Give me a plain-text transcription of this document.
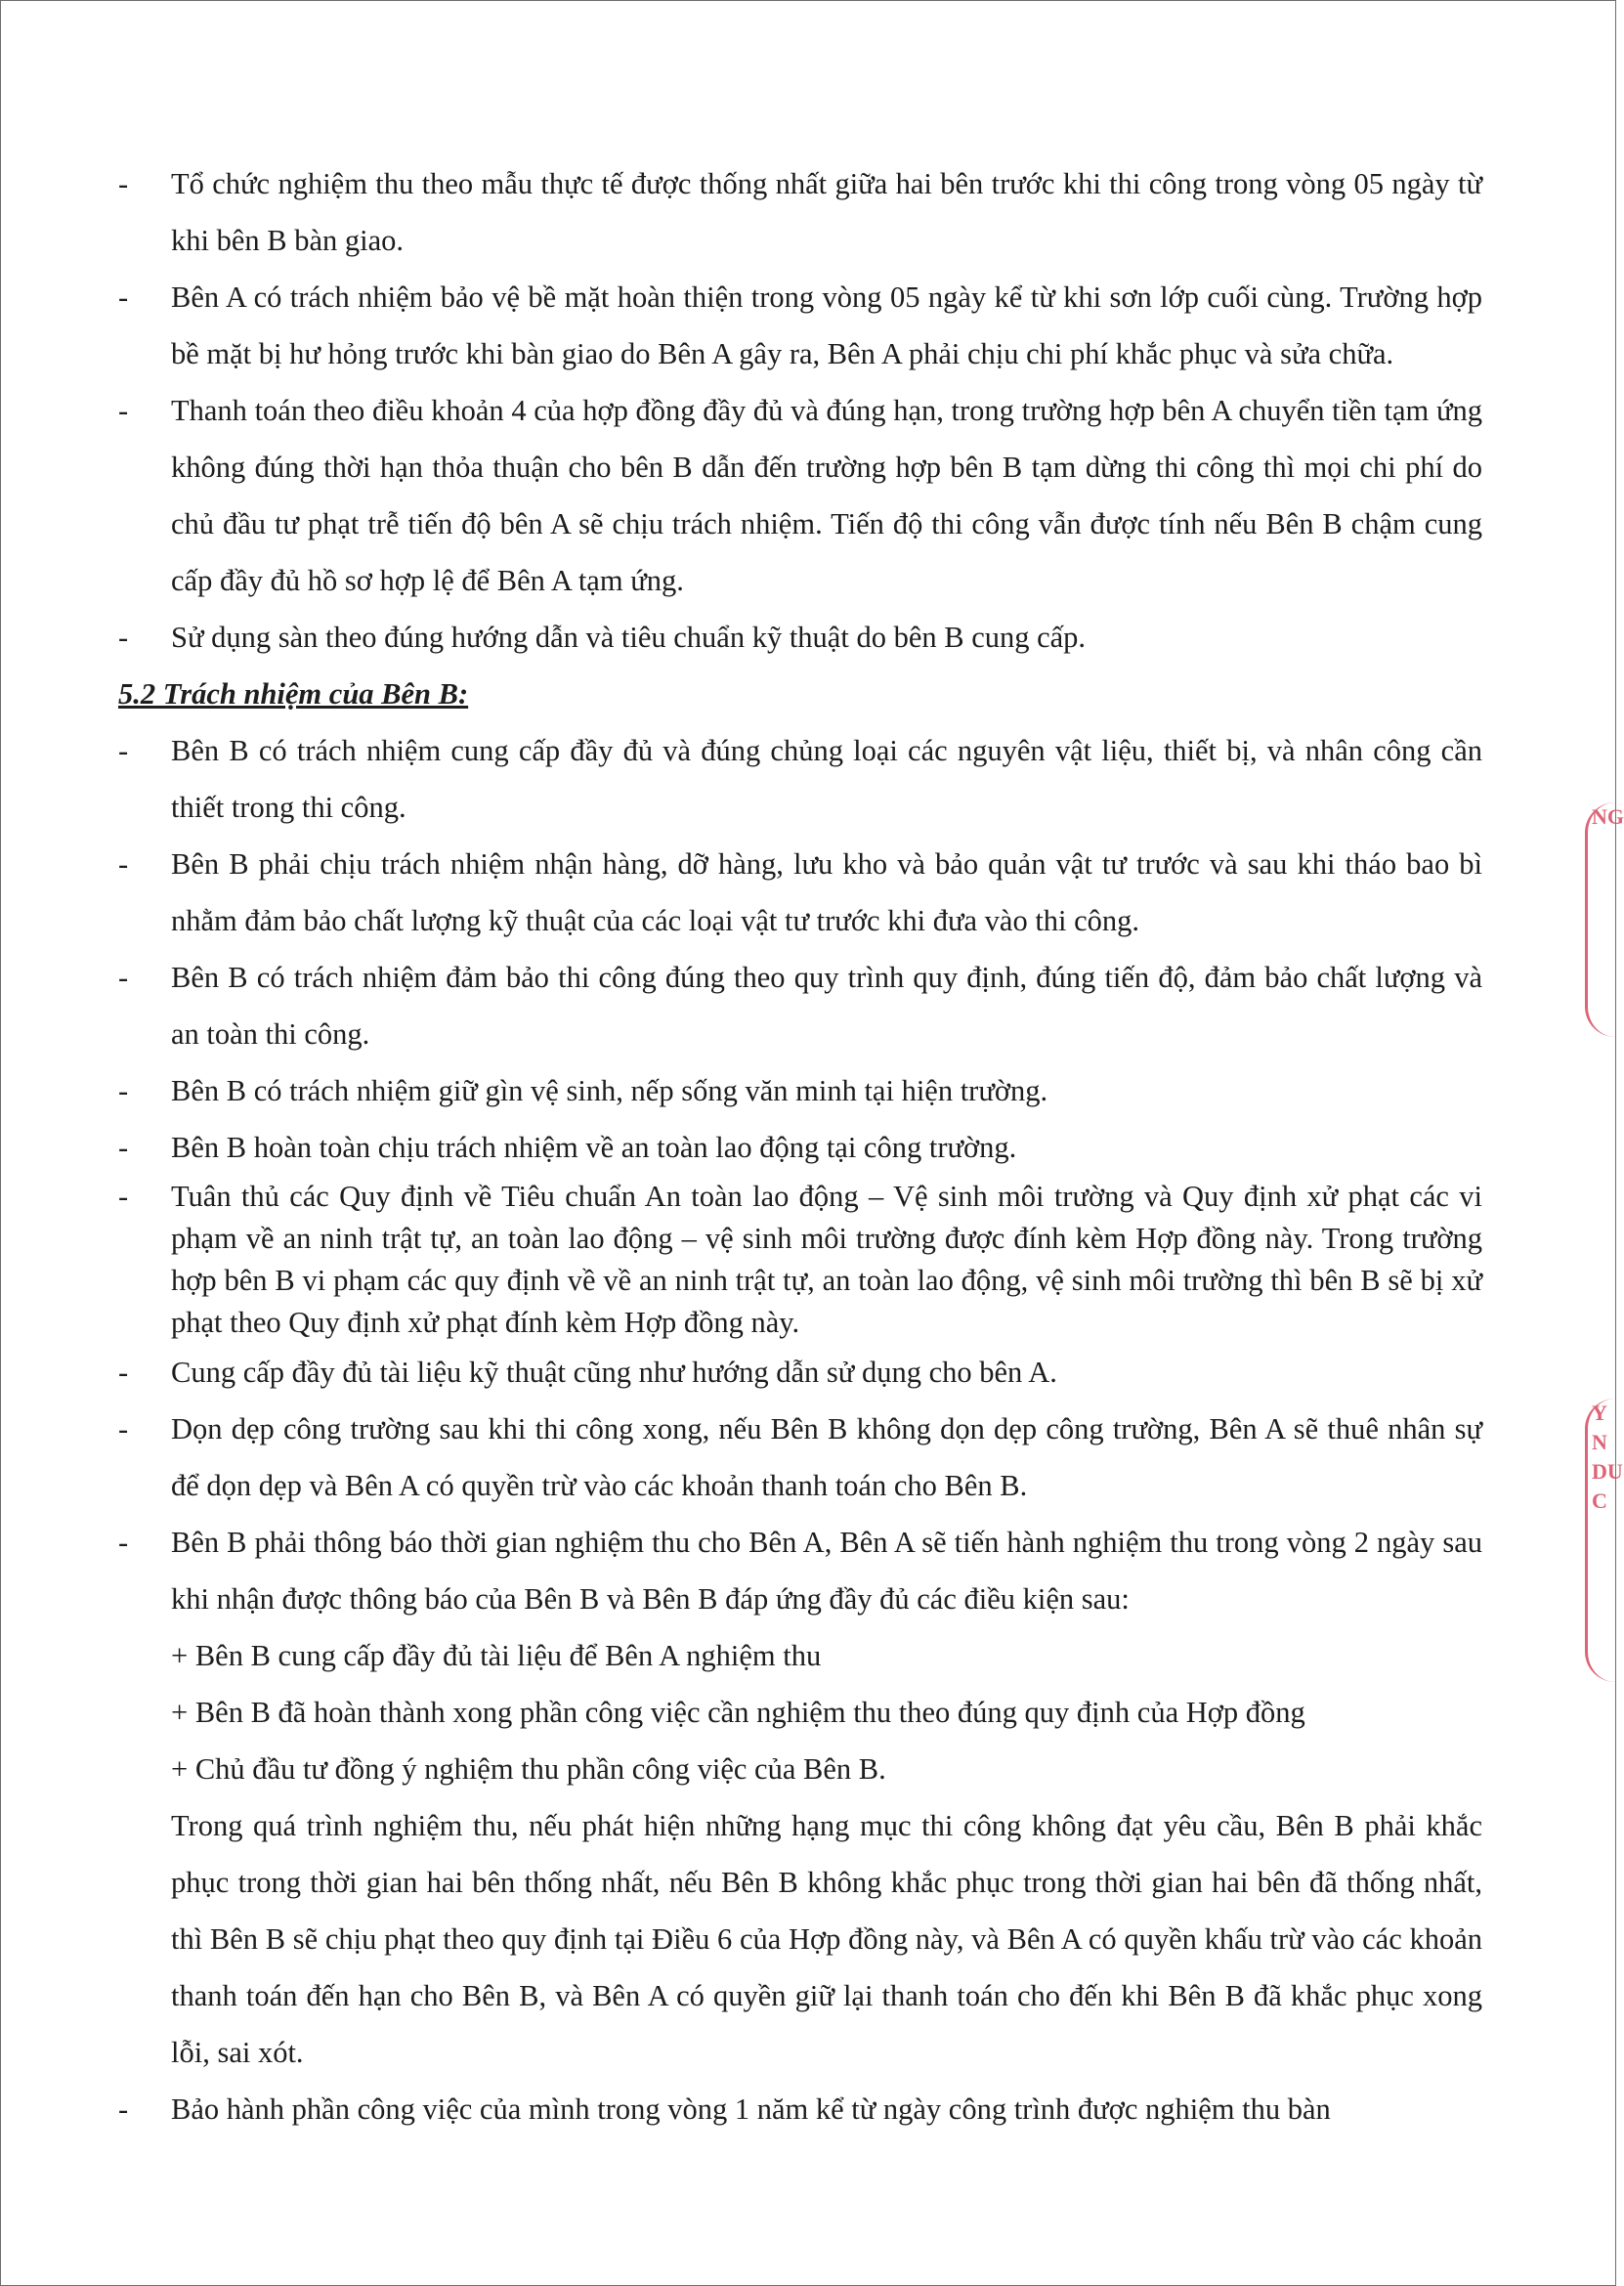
- Tổ chức nghiệm thu theo mẫu thực tế được thống nhất giữa hai bên trước khi thi công trong vòng 05 ngày từ khi bên B bàn giao.

- Bên A có trách nhiệm bảo vệ bề mặt hoàn thiện trong vòng 05 ngày kể từ khi sơn lớp cuối cùng. Trường hợp bề mặt bị hư hỏng trước khi bàn giao do Bên A gây ra, Bên A phải chịu chi phí khắc phục và sửa chữa.

- Thanh toán theo điều khoản 4 của hợp đồng đầy đủ và đúng hạn, trong trường hợp bên A chuyển tiền tạm ứng không đúng thời hạn thỏa thuận cho bên B dẫn đến trường hợp bên B tạm dừng thi công thì mọi chi phí do chủ đầu tư phạt trễ tiến độ bên A sẽ chịu trách nhiệm. Tiến độ thi công vẫn được tính nếu Bên B chậm cung cấp đầy đủ hồ sơ hợp lệ để Bên A tạm ứng.

- Sử dụng sàn theo đúng hướng dẫn và tiêu chuẩn kỹ thuật do bên B cung cấp.

5.2 Trách nhiệm của Bên B:

- Bên B có trách nhiệm cung cấp đầy đủ và đúng chủng loại các nguyên vật liệu, thiết bị, và nhân công cần thiết trong thi công.

- Bên B phải chịu trách nhiệm nhận hàng, dỡ hàng, lưu kho và bảo quản vật tư trước và sau khi tháo bao bì nhằm đảm bảo chất lượng kỹ thuật của các loại vật tư trước khi đưa vào thi công.

- Bên B có trách nhiệm đảm bảo thi công đúng theo quy trình quy định, đúng tiến độ, đảm bảo chất lượng và an toàn thi công.

- Bên B có trách nhiệm giữ gìn vệ sinh, nếp sống văn minh tại hiện trường.

- Bên B hoàn toàn chịu trách nhiệm về an toàn lao động tại công trường.

- Tuân thủ các Quy định về Tiêu chuẩn An toàn lao động – Vệ sinh môi trường và Quy định xử phạt các vi phạm về an ninh trật tự, an toàn lao động – vệ sinh môi trường được đính kèm Hợp đồng này. Trong trường hợp bên B vi phạm các quy định về về an ninh trật tự, an toàn lao động, vệ sinh môi trường thì bên B sẽ bị xử phạt theo Quy định xử phạt đính kèm Hợp đồng này.

- Cung cấp đầy đủ tài liệu kỹ thuật cũng như hướng dẫn sử dụng cho bên A.

- Dọn dẹp công trường sau khi thi công xong, nếu Bên B không dọn dẹp công trường, Bên A sẽ thuê nhân sự để dọn dẹp và Bên A có quyền trừ vào các khoản thanh toán cho Bên B.

- Bên B phải thông báo thời gian nghiệm thu cho Bên A, Bên A sẽ tiến hành nghiệm thu trong vòng 2 ngày sau khi nhận được thông báo của Bên B và Bên B đáp ứng đầy đủ các điều kiện sau:

+ Bên B cung cấp đầy đủ tài liệu để Bên A nghiệm thu

+ Bên B đã hoàn thành xong phần công việc cần nghiệm thu theo đúng quy định của Hợp đồng

+ Chủ đầu tư đồng ý nghiệm thu phần công việc của Bên B.

Trong quá trình nghiệm thu, nếu phát hiện những hạng mục thi công không đạt yêu cầu, Bên B phải khắc phục trong thời gian hai bên thống nhất, nếu Bên B không khắc phục trong thời gian hai bên đã thống nhất, thì Bên B sẽ chịu phạt theo quy định tại Điều 6 của Hợp đồng này, và Bên A có quyền khấu trừ vào các khoản thanh toán đến hạn cho Bên B, và Bên A có quyền giữ lại thanh toán cho đến khi Bên B đã khắc phục xong lỗi, sai xót.

- Bảo hành phần công việc của mình trong vòng 1 năm kể từ ngày công trình được nghiệm thu bàn

NG
Y
N
DU
C
